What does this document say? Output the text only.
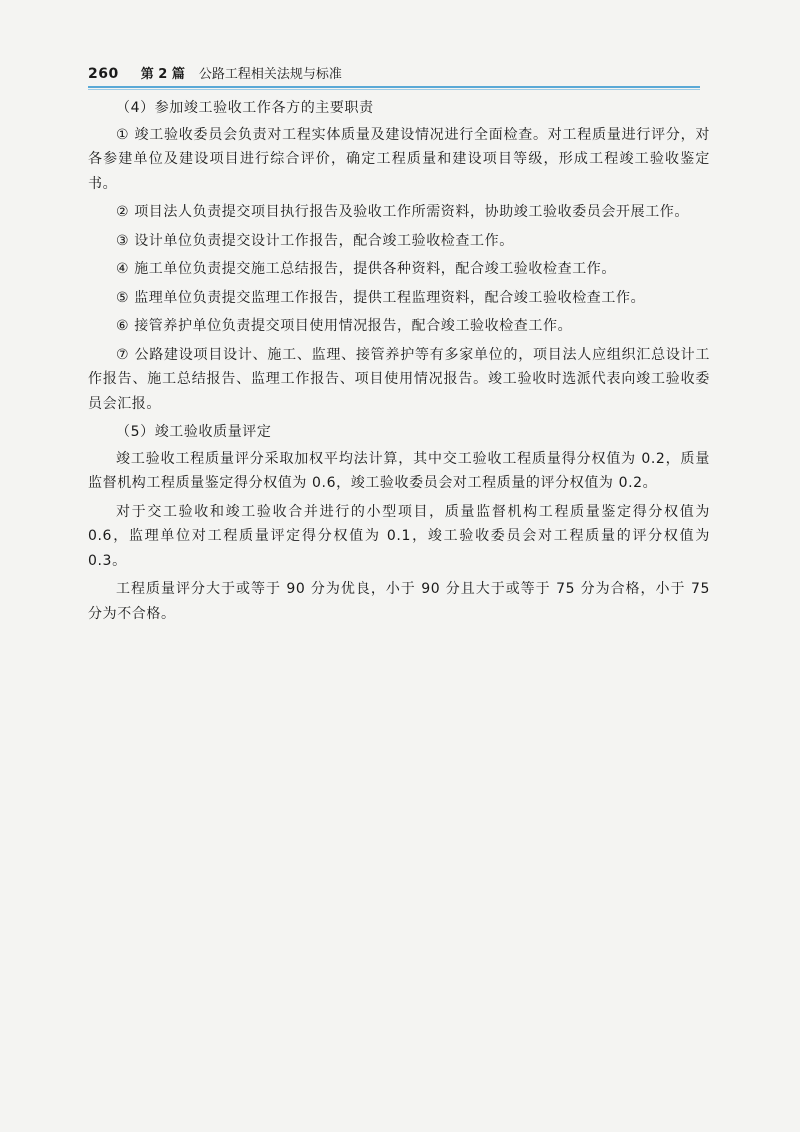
260 第 2 篇 公路工程相关法规与标准

（4）参加竣工验收工作各方的主要职责

① 竣工验收委员会负责对工程实体质量及建设情况进行全面检查。对工程质量进行评分，对各参建单位及建设项目进行综合评价，确定工程质量和建设项目等级，形成工程竣工验收鉴定书。

② 项目法人负责提交项目执行报告及验收工作所需资料，协助竣工验收委员会开展工作。

③ 设计单位负责提交设计工作报告，配合竣工验收检查工作。

④ 施工单位负责提交施工总结报告，提供各种资料，配合竣工验收检查工作。

⑤ 监理单位负责提交监理工作报告，提供工程监理资料，配合竣工验收检查工作。

⑥ 接管养护单位负责提交项目使用情况报告，配合竣工验收检查工作。

⑦ 公路建设项目设计、施工、监理、接管养护等有多家单位的，项目法人应组织汇总设计工作报告、施工总结报告、监理工作报告、项目使用情况报告。竣工验收时选派代表向竣工验收委员会汇报。

（5）竣工验收质量评定

竣工验收工程质量评分采取加权平均法计算，其中交工验收工程质量得分权值为 0.2，质量监督机构工程质量鉴定得分权值为 0.6，竣工验收委员会对工程质量的评分权值为 0.2。

对于交工验收和竣工验收合并进行的小型项目，质量监督机构工程质量鉴定得分权值为 0.6，监理单位对工程质量评定得分权值为 0.1，竣工验收委员会对工程质量的评分权值为 0.3。

工程质量评分大于或等于 90 分为优良，小于 90 分且大于或等于 75 分为合格，小于 75 分为不合格。
